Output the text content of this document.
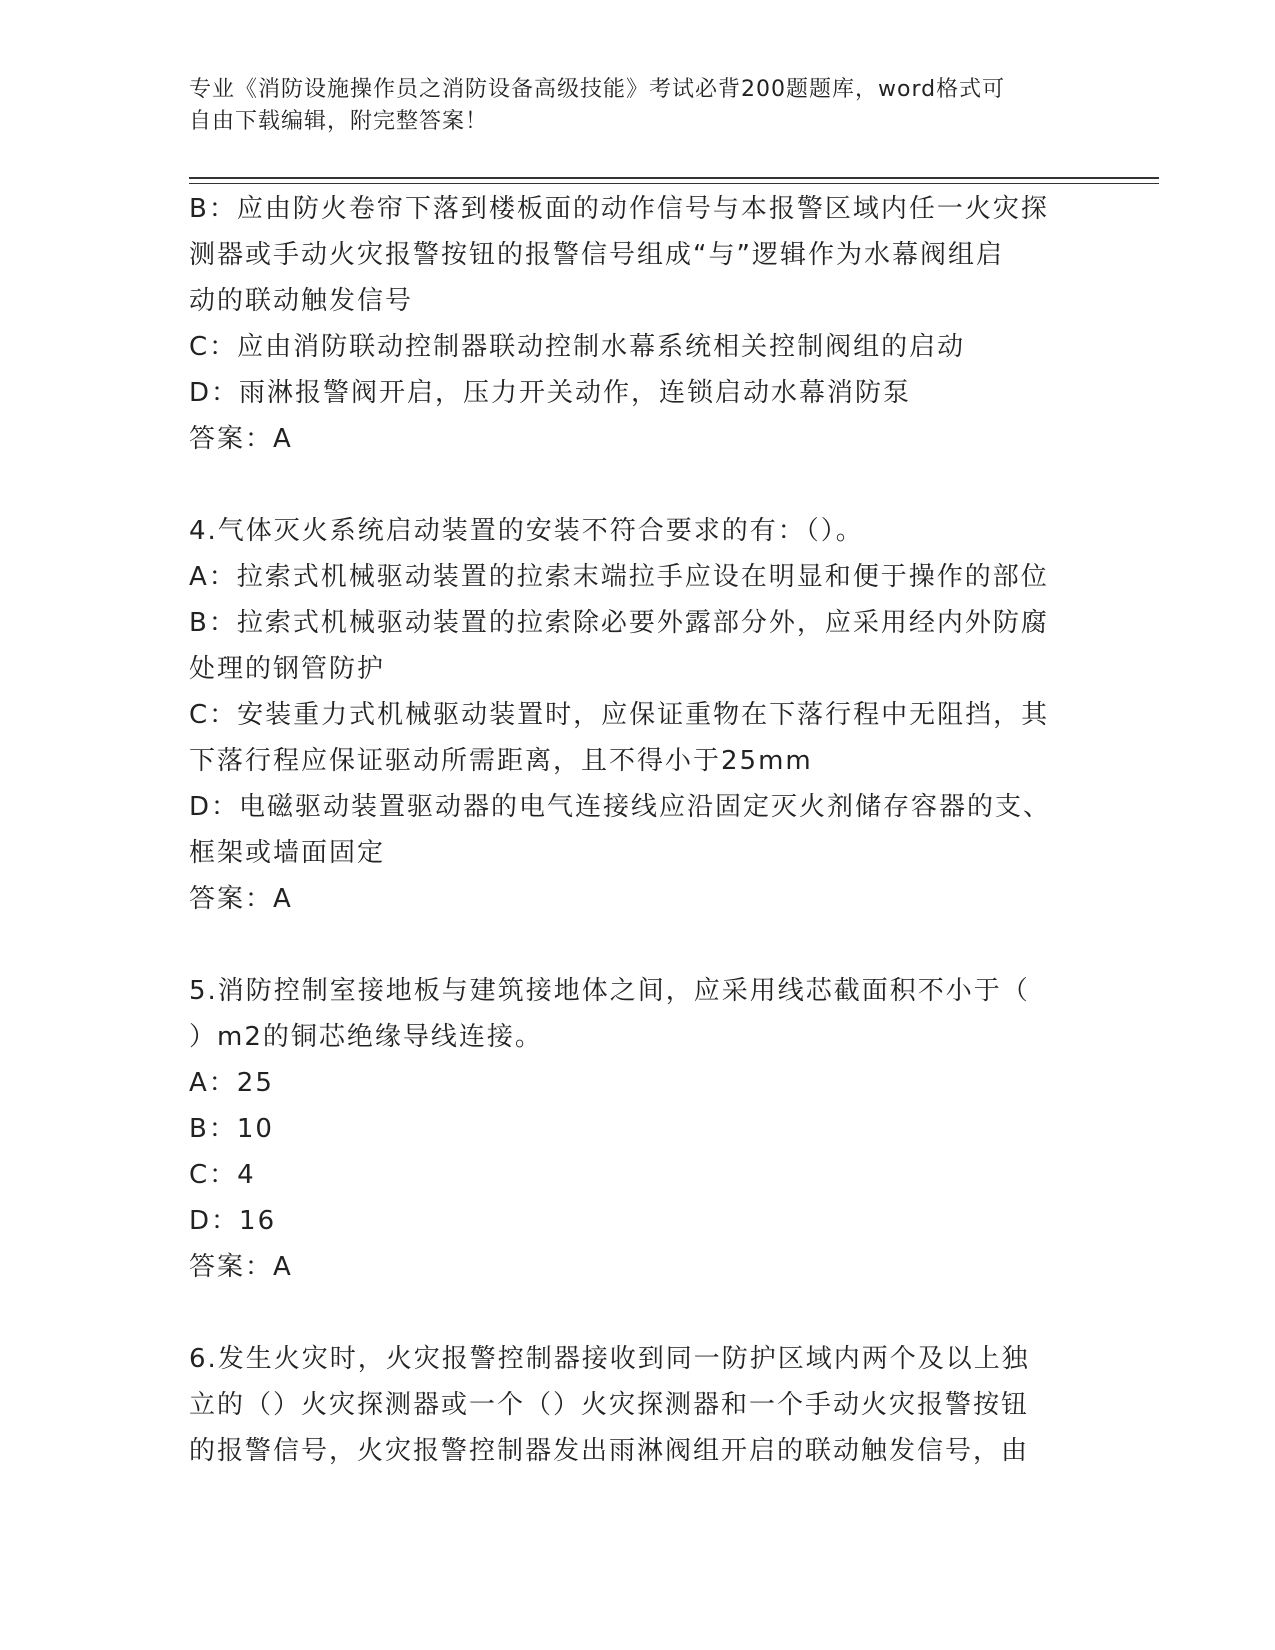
专业《消防设施操作员之消防设备高级技能》考试必背200题题库，word格式可
自由下载编辑，附完整答案！
B：应由防火卷帘下落到楼板面的动作信号与本报警区域内任一火灾探
测器或手动火灾报警按钮的报警信号组成“与”逻辑作为水幕阀组启
动的联动触发信号
C：应由消防联动控制器联动控制水幕系统相关控制阀组的启动
D：雨淋报警阀开启，压力开关动作，连锁启动水幕消防泵
答案：A
4.气体灭火系统启动装置的安装不符合要求的有：（）。
A：拉索式机械驱动装置的拉索末端拉手应设在明显和便于操作的部位
B：拉索式机械驱动装置的拉索除必要外露部分外，应采用经内外防腐
处理的钢管防护
C：安装重力式机械驱动装置时，应保证重物在下落行程中无阻挡，其
下落行程应保证驱动所需距离，且不得小于25mm
D：电磁驱动装置驱动器的电气连接线应沿固定灭火剂储存容器的支、
框架或墙面固定
答案：A
5.消防控制室接地板与建筑接地体之间，应采用线芯截面积不小于（
）m2的铜芯绝缘导线连接。
A：25
B：10
C：4
D：16
答案：A
6.发生火灾时，火灾报警控制器接收到同一防护区域内两个及以上独
立的（）火灾探测器或一个（）火灾探测器和一个手动火灾报警按钮
的报警信号，火灾报警控制器发出雨淋阀组开启的联动触发信号，由
